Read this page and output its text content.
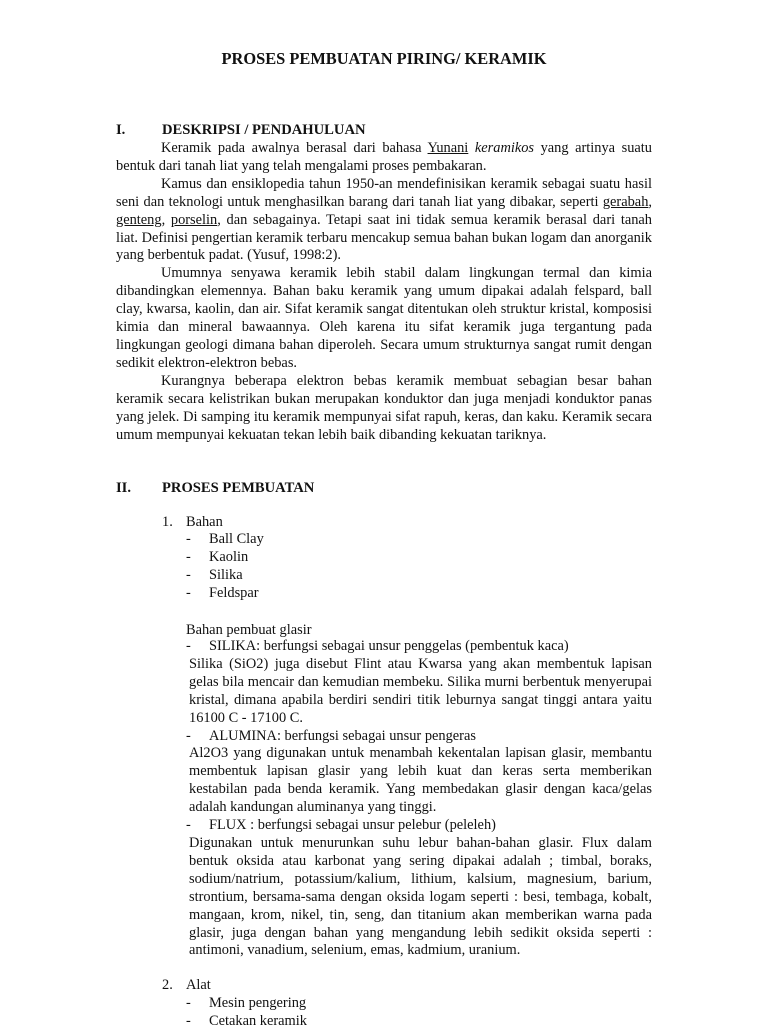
PROSES PEMBUATAN PIRING/ KERAMIK
I.	DESKRIPSI / PENDAHULUAN

Keramik pada awalnya berasal dari bahasa Yunani keramikos yang artinya suatu bentuk dari tanah liat yang telah mengalami proses pembakaran.

Kamus dan ensiklopedia tahun 1950-an mendefinisikan keramik sebagai suatu hasil seni dan teknologi untuk menghasilkan barang dari tanah liat yang dibakar, seperti gerabah, genteng, porselin, dan sebagainya. Tetapi saat ini tidak semua keramik berasal dari tanah liat. Definisi pengertian keramik terbaru mencakup semua bahan bukan logam dan anorganik yang berbentuk padat. (Yusuf, 1998:2).

Umumnya senyawa keramik lebih stabil dalam lingkungan termal dan kimia dibandingkan elemennya. Bahan baku keramik yang umum dipakai adalah felspard, ball clay, kwarsa, kaolin, dan air. Sifat keramik sangat ditentukan oleh struktur kristal, komposisi kimia dan mineral bawaannya. Oleh karena itu sifat keramik juga tergantung pada lingkungan geologi dimana bahan diperoleh. Secara umum strukturnya sangat rumit dengan sedikit elektron-elektron bebas.

Kurangnya beberapa elektron bebas keramik membuat sebagian besar bahan keramik secara kelistrikan bukan merupakan konduktor dan juga menjadi konduktor panas yang jelek. Di samping itu keramik mempunyai sifat rapuh, keras, dan kaku. Keramik secara umum mempunyai kekuatan tekan lebih baik dibanding kekuatan tariknya.

II. PROSES PEMBUATAN
1. Bahan
- Ball Clay
- Kaolin
- Silika
- Feldspar
Bahan pembuat glasir
- SILIKA: berfungsi sebagai unsur penggelas (pembentuk kaca)

Silika (SiO2) juga disebut Flint atau Kwarsa yang akan membentuk lapisan gelas bila mencair dan kemudian membeku. Silika murni berbentuk menyerupai kristal, dimana apabila berdiri sendiri titik leburnya sangat tinggi antara yaitu 16100 C - 17100 C.

- ALUMINA: berfungsi sebagai unsur pengeras

Al2O3 yang digunakan untuk menambah kekentalan lapisan glasir, membantu membentuk lapisan glasir yang lebih kuat dan keras serta memberikan kestabilan pada benda keramik. Yang membedakan glasir dengan kaca/gelas adalah kandungan aluminanya yang tinggi.

- FLUX : berfungsi sebagai unsur pelebur (peleleh)

Digunakan untuk menurunkan suhu lebur bahan-bahan glasir. Flux dalam bentuk oksida atau karbonat yang sering dipakai adalah ; timbal, boraks, sodium/natrium, potassium/kalium, lithium, kalsium, magnesium, barium, strontium, bersama-sama dengan oksida logam seperti : besi, tembaga, kobalt, mangaan, krom, nikel, tin, seng, dan titanium akan memberikan warna pada glasir, juga dengan bahan yang mengandung lebih sedikit oksida seperti : antimoni, vanadium, selenium, emas, kadmium, uranium.

2. Alat
- Mesin pengering
- Cetakan keramik
